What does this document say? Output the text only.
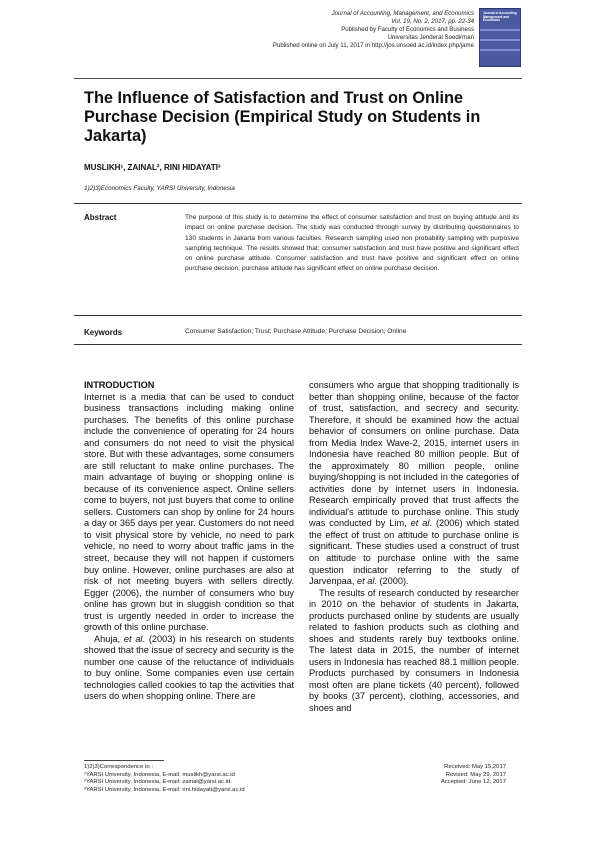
Journal of Accounting, Management, and Economics
Vol. 19, No. 2, 2017, pp. 22-34
Published by Faculty of Economics and Business
Universitas Jenderal Soedirman
Published online on July 11, 2017 in http://jos.unsoed.ac.id/index.php/jame
Journal of Accounting Management and Economics
The Influence of Satisfaction and Trust on Online Purchase Decision (Empirical Study on Students in Jakarta)
MUSLIKH¹, ZAINAL², RINI HIDAYATI³
1)2)3)Economics Faculty, YARSI University, Indonesia
Abstract	The purpose of this study is to determine the effect of consumer satisfaction and trust on buying attitude and its impact on online purchase decision. The study was conducted through survey by distributing questionnaires to 130 students in Jakarta from various faculties. Research sampling used non probability sampling with purposive sampling technique. The results showed that: consumer satisfaction and trust have positive and significant effect on online purchase attitude. Consumer satisfaction and trust have positive and significant effect on online purchase decision, purchase attitude has significant effect on online purchase decision.
Keywords	Consumer Satisfaction; Trust; Purchase Attitude; Purchase Decision; Online

INTRODUCTION

Internet is a media that can be used to conduct business transactions including making online purchases. The benefits of this online purchase include the convenience of operating for 24 hours and consumers do not need to visit the physical store. But with these advantages, some consumers are still reluctant to make online purchases. The main advantage of buying or shopping online is because of its convenience aspect. Online sellers come to buyers, not just buyers that come to online sellers. Customers can shop by online for 24 hours a day or 365 days per year. Customers do not need to visit physical store by vehicle, no need to park vehicle, no need to worry about traffic jams in the street, because they will not happen if customers buy online. However, online purchases are also at risk of not meeting buyers with sellers directly. Egger (2006), the number of consumers who buy online has grown but in sluggish condition so that trust is urgently needed in order to increase the growth of this online purchase.

Ahuja, et al. (2003) in his research on students showed that the issue of secrecy and security is the number one cause of the reluctance of individuals to buy online. Some companies even use certain technologies called cookies to tap the activities that users do when shopping online. There are

consumers who argue that shopping traditionally is better than shopping online, because of the factor of trust, satisfaction, and secrecy and security. Therefore, it should be examined how the actual behavior of consumers on online purchase. Data from Media Index Wave-2, 2015, internet users in Indonesia have reached 80 million people. But of the approximately 80 million people, online buying/shopping is not included in the categories of activities done by internet users in Indonesia. Research empirically proved that trust affects the individual's attitude to purchase online. This study was conducted by Lim, et al. (2006) which stated the effect of trust on attitude to purchase online is significant. These studies used a construct of trust on attitude to purchase online with the same question indicator referring to the study of Jarvenpaa, et al. (2000).

The results of research conducted by researcher in 2010 on the behavior of students in Jakarta, products purchased online by students are usually related to fashion products such as clothing and shoes and students rarely buy textbooks online. The latest data in 2015, the number of internet users in Indonesia has reached 88.1 million people. Products purchased by consumers in Indonesia most often are plane tickets (40 percent), followed by books (37 percent), clothing, accessories, and shoes and

1)2)3)Correspondence to :
¹YARSI University, Indonesia, E-mail: muslikh@yarsi.ac.id
²YARSI University, Indonesia, E-mail: zainal@yarsi.ac.id
³YARSI University, Indonesia, E-mail: rini.hidayati@yarsi.ac.id
Received: May 15,2017
Revised: May 29, 2017
Accepted: June 12, 2017
